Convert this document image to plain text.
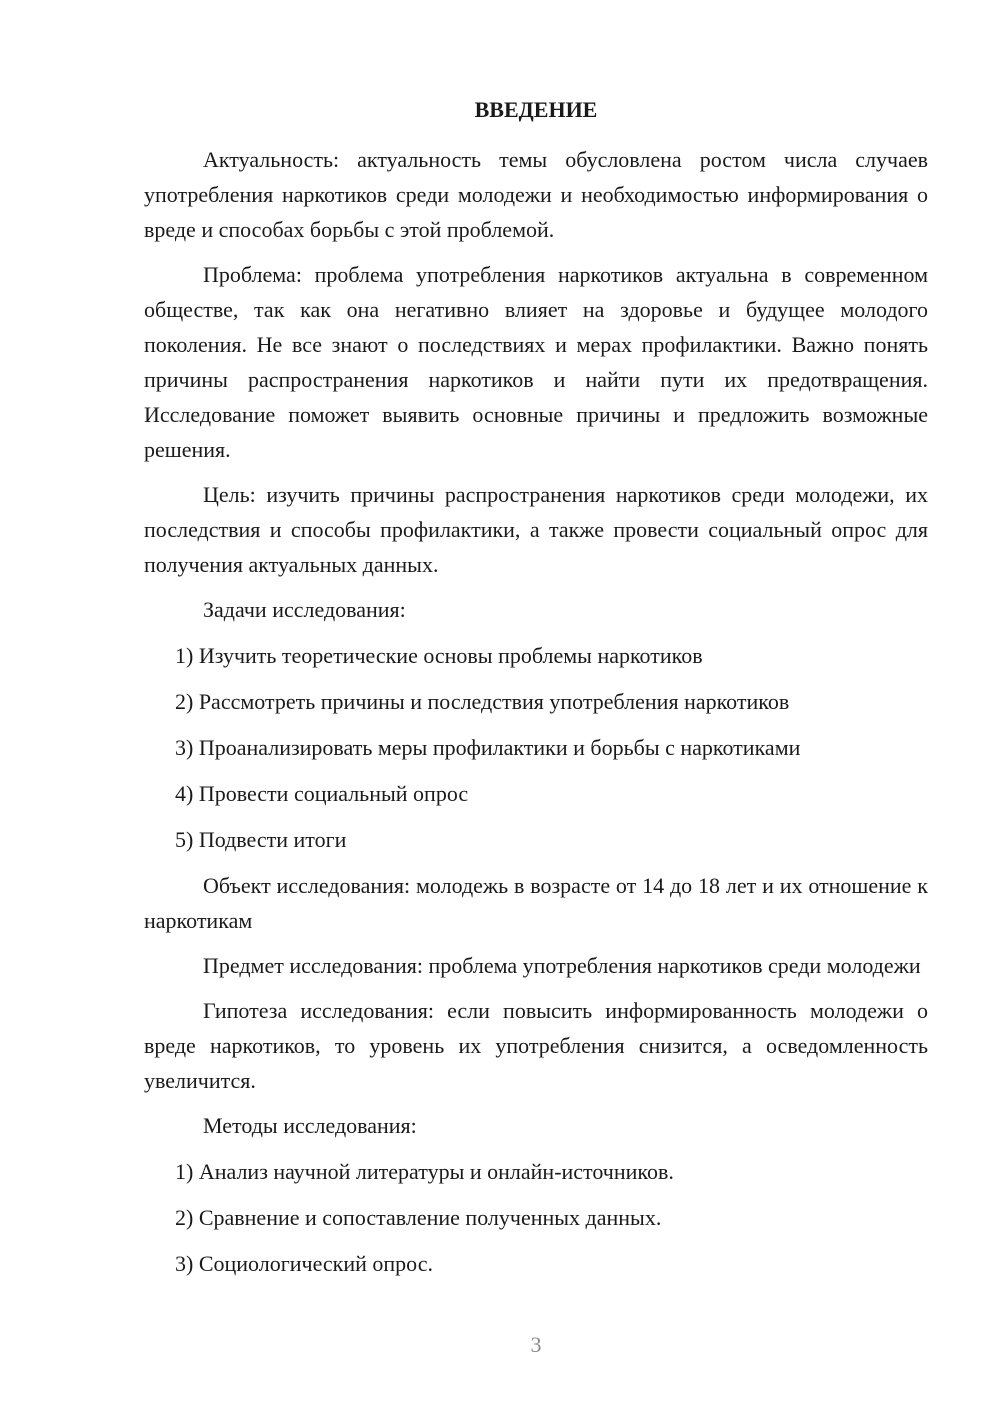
ВВЕДЕНИЕ

Актуальность: актуальность темы обусловлена ростом числа случаев употребления наркотиков среди молодежи и необходимостью информирования о вреде и способах борьбы с этой проблемой.

Проблема: проблема употребления наркотиков актуальна в современном обществе, так как она негативно влияет на здоровье и будущее молодого поколения. Не все знают о последствиях и мерах профилактики. Важно понять причины распространения наркотиков и найти пути их предотвращения. Исследование поможет выявить основные причины и предложить возможные решения.

Цель: изучить причины распространения наркотиков среди молодежи, их последствия и способы профилактики, а также провести социальный опрос для получения актуальных данных.

Задачи исследования:
1) Изучить теоретические основы проблемы наркотиков
2) Рассмотреть причины и последствия употребления наркотиков
3) Проанализировать меры профилактики и борьбы с наркотиками
4) Провести социальный опрос
5) Подвести итоги

Объект исследования: молодежь в возрасте от 14 до 18 лет и их отношение к наркотикам

Предмет исследования: проблема употребления наркотиков среди молодежи

Гипотеза исследования: если повысить информированность молодежи о вреде наркотиков, то уровень их употребления снизится, а осведомленность увеличится.

Методы исследования:
1) Анализ научной литературы и онлайн-источников.
2) Сравнение и сопоставление полученных данных.
3) Социологический опрос.
3
